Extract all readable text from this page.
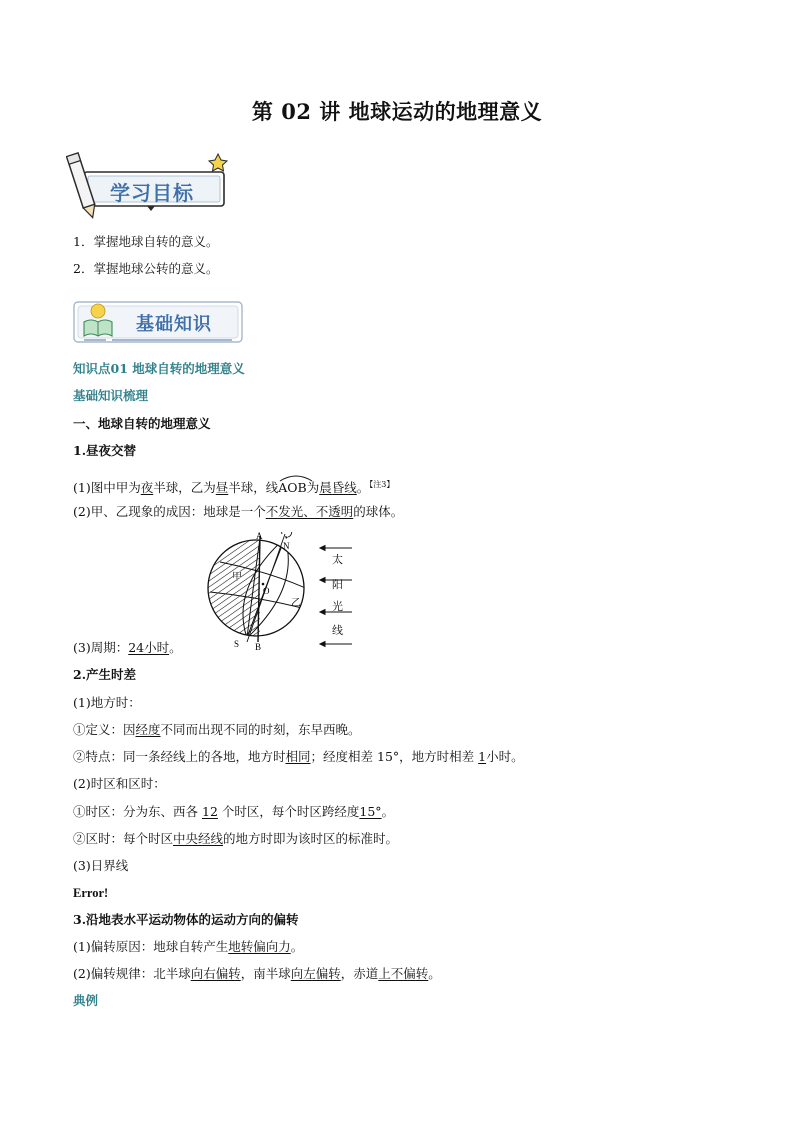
第 02 讲 地球运动的地理意义
学习目标
1．掌握地球自转的意义。
2．掌握地球公转的意义。
基础知识
知识点01 地球自转的地理意义
基础知识梳理
一、地球自转的地理意义
1.昼夜交替
(1)图中甲为夜半球，乙为昼半球，线
AOB为晨昏线。$^{【注3】}$
(2)甲、乙现象的成因：地球是一个不发光、不透明的球体。
A
N
O
甲
乙
S B
太
阳
光
线
(3)周期：24小时。
2.产生时差
(1)地方时：
①定义：因经度不同而出现不同的时刻，东早西晚。
②特点：同一条经线上的各地，地方时相同；经度相差 15°，地方时相差 1小时。
(2)时区和区时：
①时区：分为东、西各 12 个时区，每个时区跨经度15°。
②区时：每个时区中央经线的地方时即为该时区的标准时。
(3)日界线
Error!
3.沿地表水平运动物体的运动方向的偏转
(1)偏转原因：地球自转产生地转偏向力。
(2)偏转规律：北半球向右偏转，南半球向左偏转，赤道上不偏转。
典例
